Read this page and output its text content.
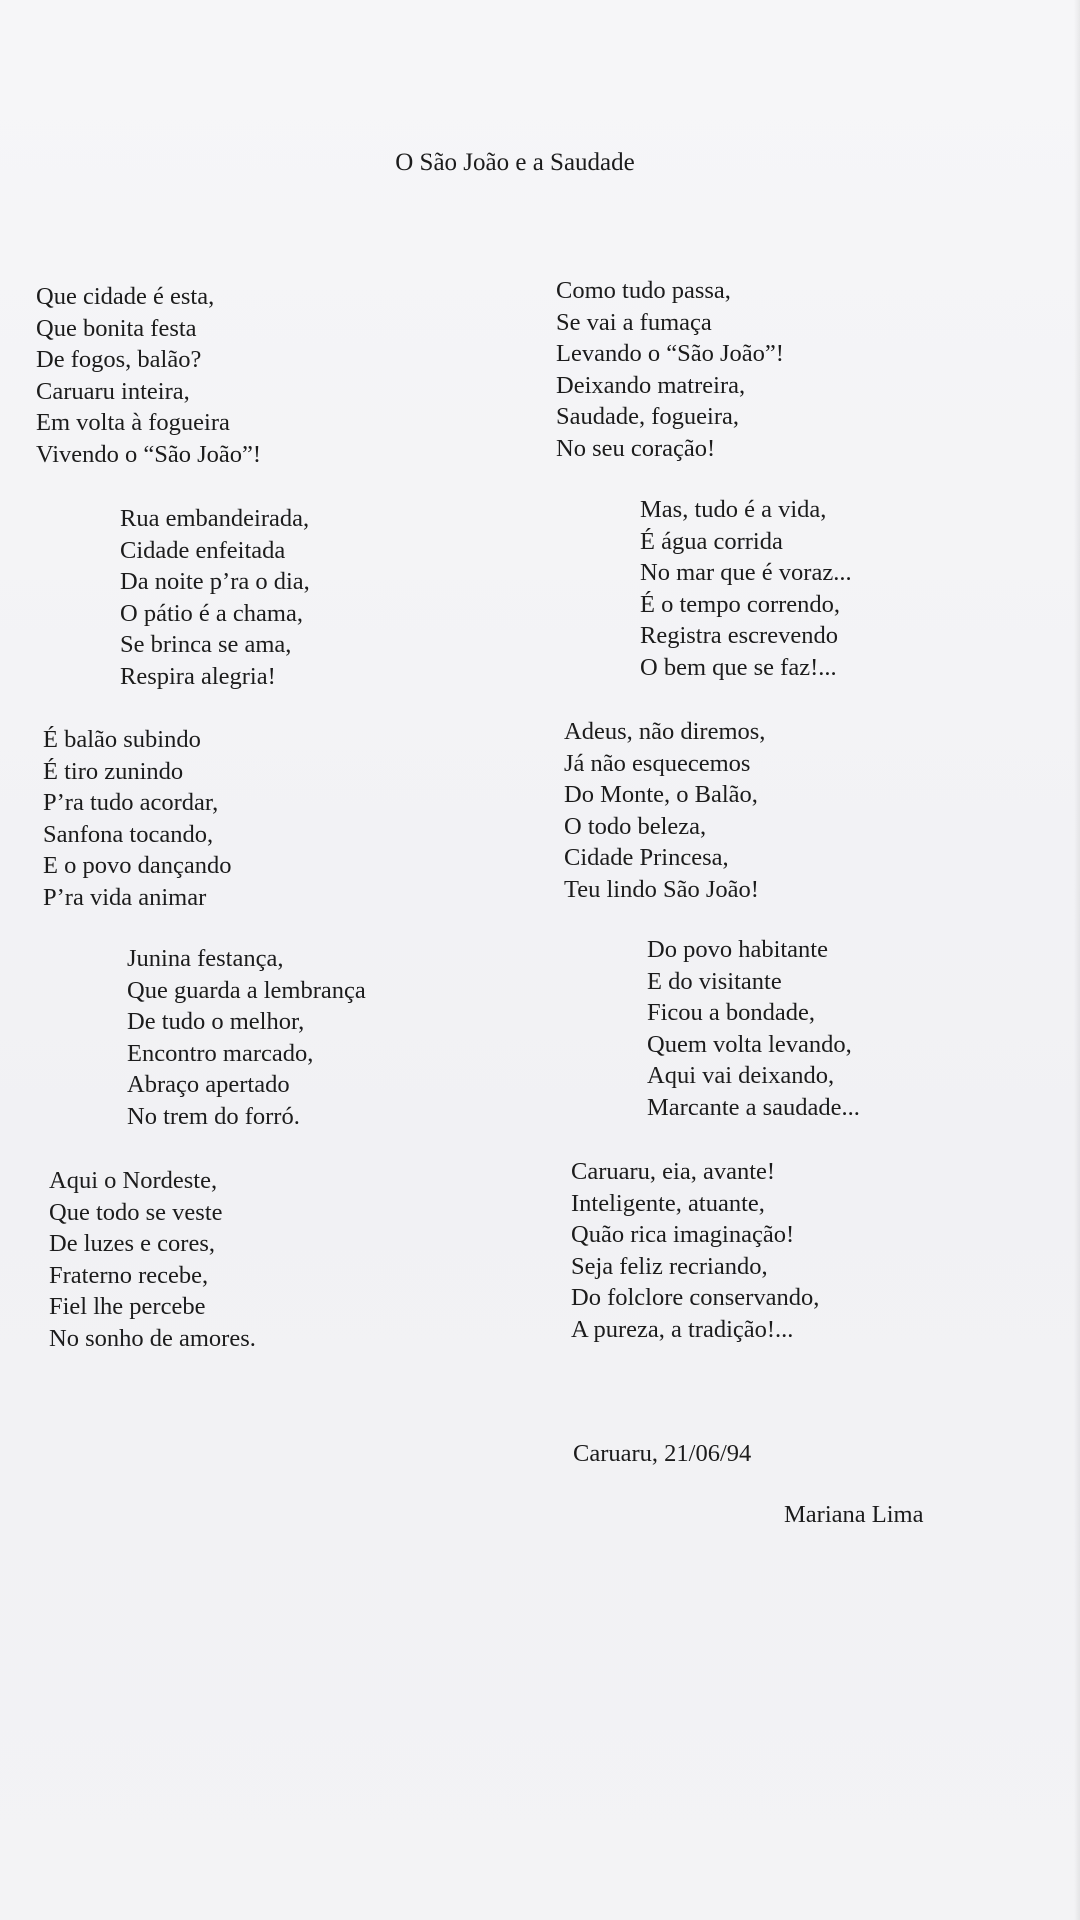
O São João e a Saudade
Que cidade é esta,
Que bonita festa
De fogos, balão?
Caruaru inteira,
Em volta à fogueira
Vivendo o “São João”!
Rua embandeirada,
Cidade enfeitada
Da noite p’ra o dia,
O pátio é a chama,
Se brinca se ama,
Respira alegria!
É balão subindo
É tiro zunindo
P’ra tudo acordar,
Sanfona tocando,
E o povo dançando
P’ra vida animar
Junina festança,
Que guarda a lembrança
De tudo o melhor,
Encontro marcado,
Abraço apertado
No trem do forró.
Aqui o Nordeste,
Que todo se veste
De luzes e cores,
Fraterno recebe,
Fiel lhe percebe
No sonho de amores.
Como tudo passa,
Se vai a fumaça
Levando o “São João”!
Deixando matreira,
Saudade, fogueira,
No seu coração!
Mas, tudo é a vida,
É água corrida
No mar que é voraz...
É o tempo correndo,
Registra escrevendo
O bem que se faz!...
Adeus, não diremos,
Já não esquecemos
Do Monte, o Balão,
O todo beleza,
Cidade Princesa,
Teu lindo São João!
Do povo habitante
E do visitante
Ficou a bondade,
Quem volta levando,
Aqui vai deixando,
Marcante a saudade...
Caruaru, eia, avante!
Inteligente, atuante,
Quão rica imaginação!
Seja feliz recriando,
Do folclore conservando,
A pureza, a tradição!...
Caruaru, 21/06/94
Mariana Lima
